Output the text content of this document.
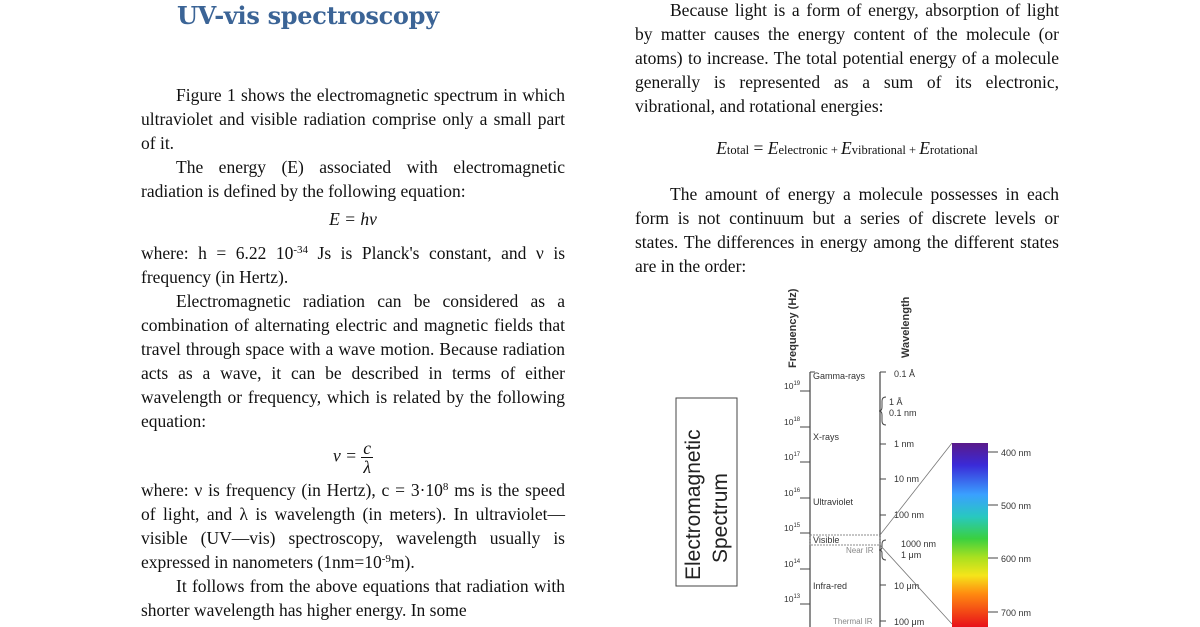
UV-vis spectroscopy

Figure 1 shows the electromagnetic spectrum in which ultraviolet and visible radiation comprise only a small part of it.

The energy (E) associated with electromagnetic radiation is defined by the following equation:

E = hν

where: h = 6.22 $10^{-34}$ Js is Planck's constant, and ν is frequency (in Hertz).

Electromagnetic radiation can be considered as a combination of alternating electric and magnetic fields that travel through space with a wave motion. Because radiation acts as a wave, it can be described in terms of either wavelength or frequency, which is related by the following equation:

$\nu = \frac{c}{\lambda}$

where: ν is frequency (in Hertz), $c = 3\cdot 10^8$ ms is the speed of light, and λ is wavelength (in meters). In ultraviolet—visible (UV—vis) spectroscopy, wavelength usually is expressed in nanometers $(1nm=10^{-9}m)$.

It follows from the above equations that radiation with shorter wavelength has higher energy. In some

Because light is a form of energy, absorption of light by matter causes the energy content of the molecule (or atoms) to increase. The total potential energy of a molecule generally is represented as a sum of its electronic, vibrational, and rotational energies:

Etotal = Eelectronic + Evibrational + Erotational

The amount of energy a molecule possesses in each form is not continuum but a series of discrete levels or states. The differences in energy among the different states are in the order:

Electromagnetic Spectrum
Frequency (Hz)	Wavelength
$10^{19}$
$10^{18}$
$10^{17}$
$10^{16}$
$10^{15}$
$10^{14}$
$10^{13}$
Gamma-rays
X-rays
Ultraviolet
Visible
Near IR
Infra-red
Thermal IR
0.1 Å
1 Å
0.1 nm
1 nm
10 nm
100 nm
1000 nm
1 μm
10 μm
100 μm
400 nm
500 nm
600 nm
700 nm
